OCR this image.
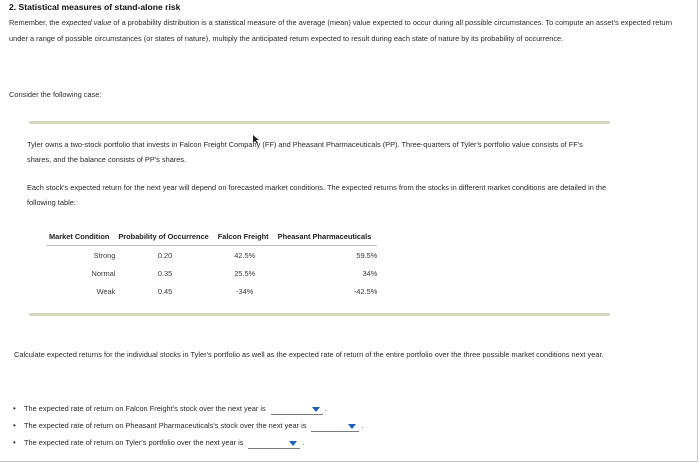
2. Statistical measures of stand-alone risk
Remember, the expected value of a probability distribution is a statistical measure of the average (mean) value expected to occur during all possible circumstances. To compute an asset's expected return under a range of possible circumstances (or states of nature), multiply the anticipated return expected to result during each state of nature by its probability of occurrence.
Consider the following case:
Tyler owns a two-stock portfolio that invests in Falcon Freight Company (FF) and Pheasant Pharmaceuticals (PP). Three-quarters of Tyler's portfolio value consists of FF's shares, and the balance consists of PP's shares.
Each stock's expected return for the next year will depend on forecasted market conditions. The expected returns from the stocks in different market conditions are detailed in the following table:
Market Condition	Probability of Occurrence	Falcon Freight	Pheasant Pharmaceuticals
Strong	0.20	42.5%	59.5%
Normal	0.35	25.5%	34%
Weak	0.45	-34%	-42.5%
Calculate expected returns for the individual stocks in Tyler's portfolio as well as the expected rate of return of the entire portfolio over the three possible market conditions next year.
• The expected rate of return on Falcon Freight's stock over the next year is	.
• The expected rate of return on Pheasant Pharmaceuticals's stock over the next year is	.
• The expected rate of return on Tyler's portfolio over the next year is	.
